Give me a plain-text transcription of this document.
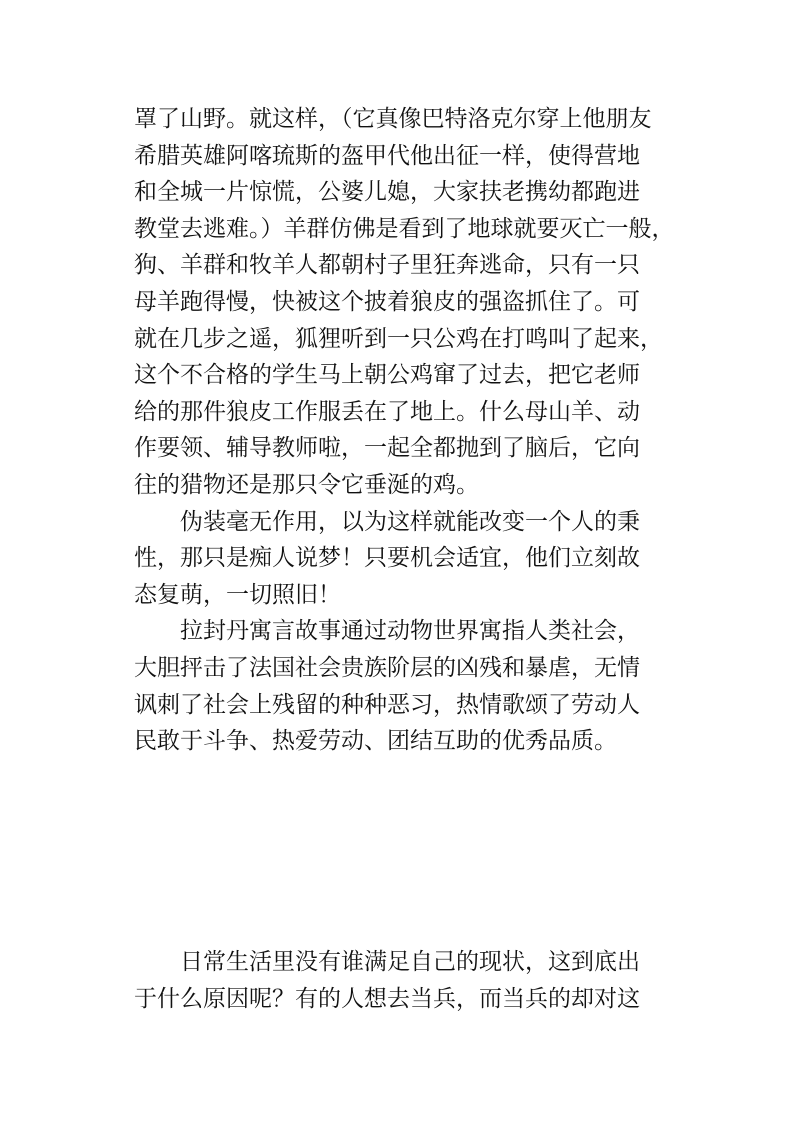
罩了山野。就这样，（它真像巴特洛克尔穿上他朋友
希腊英雄阿喀琉斯的盔甲代他出征一样，使得营地
和全城一片惊慌，公婆儿媳，大家扶老携幼都跑进
教堂去逃难。）羊群仿佛是看到了地球就要灭亡一般，
狗、羊群和牧羊人都朝村子里狂奔逃命，只有一只
母羊跑得慢，快被这个披着狼皮的强盗抓住了。可
就在几步之遥，狐狸听到一只公鸡在打鸣叫了起来，
这个不合格的学生马上朝公鸡窜了过去，把它老师
给的那件狼皮工作服丢在了地上。什么母山羊、动
作要领、辅导教师啦，一起全都抛到了脑后，它向
往的猎物还是那只令它垂涎的鸡。
伪装毫无作用，以为这样就能改变一个人的秉
性，那只是痴人说梦！只要机会适宜，他们立刻故
态复萌，一切照旧！
拉封丹寓言故事通过动物世界寓指人类社会，
大胆抨击了法国社会贵族阶层的凶残和暴虐，无情
讽刺了社会上残留的种种恶习，热情歌颂了劳动人
民敢于斗争、热爱劳动、团结互助的优秀品质。
日常生活里没有谁满足自己的现状，这到底出
于什么原因呢？有的人想去当兵，而当兵的却对这
